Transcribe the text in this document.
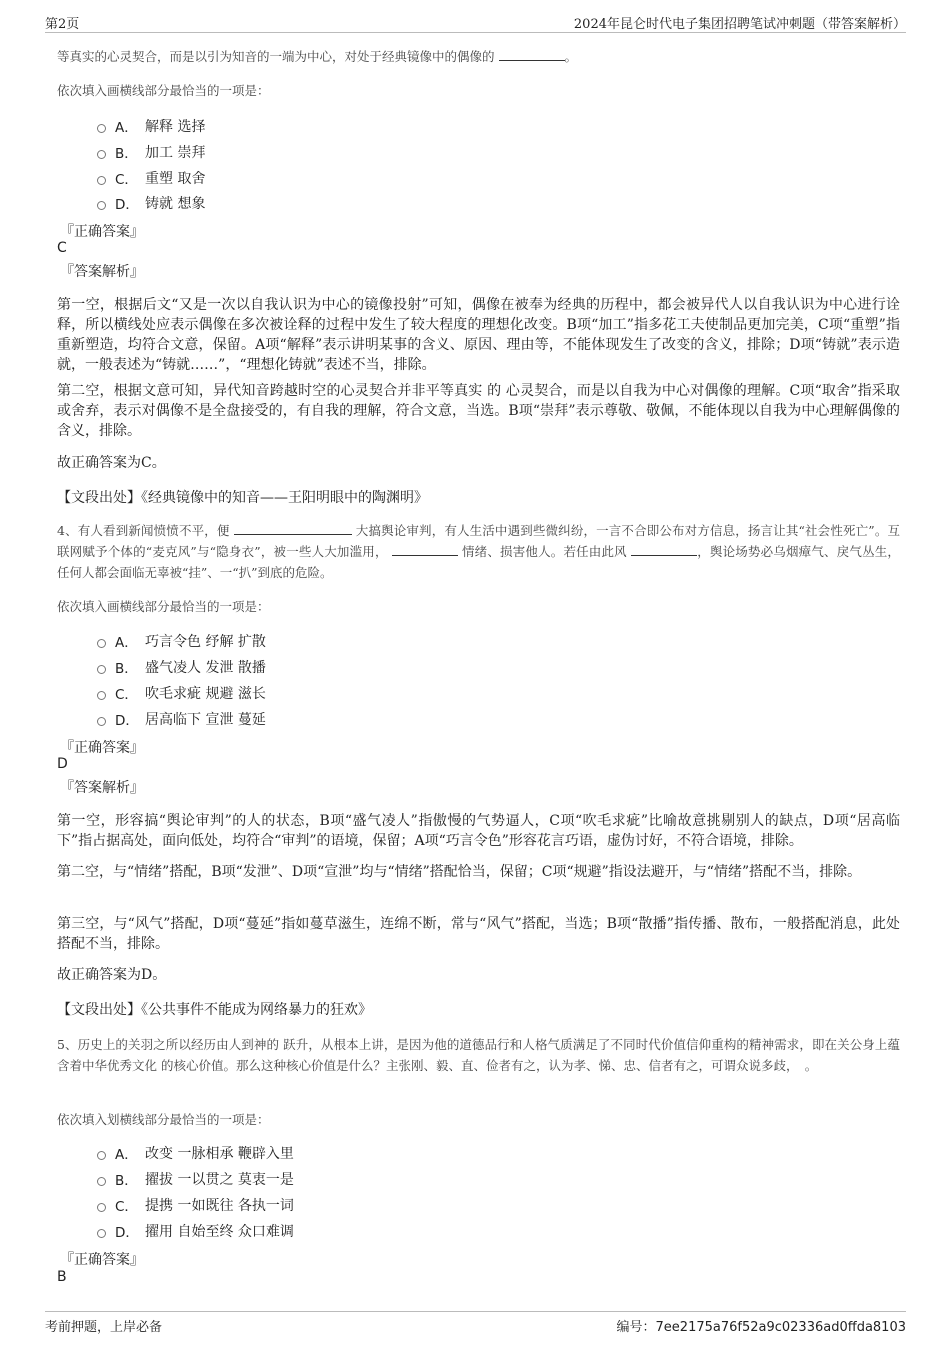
第2页	2024年昆仑时代电子集团招聘笔试冲刺题（带答案解析）
等真实的心灵契合，而是以引为知音的一端为中心，对处于经典镜像中的偶像的	。
依次填入画横线部分最恰当的一项是：
A． 解释 选择
B． 加工 崇拜
C． 重塑 取舍
D． 铸就 想象
『正确答案』
C
『答案解析』
第一空，根据后文“又是一次以自我认识为中心的镜像投射”可知，偶像在被奉为经典的历程中，都会被异代人以自我认识为中心进行诠释，所以横线处应表示偶像在多次被诠释的过程中发生了较大程度的理想化改变。B项“加工”指多花工夫使制品更加完美，C项“重塑”指重新塑造，均符合文意，保留。A项“解释”表示讲明某事的含义、原因、理由等，不能体现发生了改变的含义，排除；D项“铸就”表示造就，一般表述为“铸就……”，“理想化铸就”表述不当，排除。
第二空，根据文意可知，异代知音跨越时空的心灵契合并非平等真实 的 心灵契合，而是以自我为中心对偶像的理解。C项“取舍”指采取或舍弃，表示对偶像不是全盘接受的，有自我的理解，符合文意，当选。B项“崇拜”表示尊敬、敬佩，不能体现以自我为中心理解偶像的含义，排除。
故正确答案为C。
【文段出处】《经典镜像中的知音——王阳明眼中的陶渊明》
4、有人看到新闻愤愤不平，便	大搞舆论审判，有人生活中遇到些微纠纷，一言不合即公布对方信息，扬言让其“社会性死亡”。互联网赋予个体的“麦克风”与“隐身衣”，被一些人大加滥用，	情绪、损害他人。若任由此风	，舆论场势必乌烟瘴气、戾气丛生，任何人都会面临无辜被“挂”、一“扒”到底的危险。
依次填入画横线部分最恰当的一项是：
A． 巧言令色 纾解 扩散
B． 盛气凌人 发泄 散播
C． 吹毛求疵 规避 滋长
D． 居高临下 宣泄 蔓延
『正确答案』
D
『答案解析』
第一空，形容搞“舆论审判”的人的状态，B项“盛气凌人”指傲慢的气势逼人，C项“吹毛求疵”比喻故意挑剔别人的缺点，D项“居高临下”指占据高处，面向低处，均符合“审判”的语境，保留；A项“巧言令色”形容花言巧语，虚伪讨好，不符合语境，排除。
第二空，与“情绪”搭配，B项“发泄”、D项“宣泄”均与“情绪”搭配恰当，保留；C项“规避”指设法避开，与“情绪”搭配不当，排除。
第三空，与“风气”搭配，D项“蔓延”指如蔓草滋生，连绵不断，常与“风气”搭配，当选；B项“散播”指传播、散布，一般搭配消息，此处搭配不当，排除。
故正确答案为D。
【文段出处】《公共事件不能成为网络暴力的狂欢》
5、历史上的关羽之所以经历由人到神的 跃升，从根本上讲，是因为他的道德品行和人格气质满足了不同时代价值信仰重构的精神需求，即在关公身上蕴含着中华优秀文化 的核心价值。那么这种核心价值是什么？主张刚、毅、直、俭者有之，认为孝、悌、忠、信者有之，可谓众说多歧，　。
依次填入划横线部分最恰当的一项是：
A． 改变 一脉相承 鞭辟入里
B． 擢拔 一以贯之 莫衷一是
C． 提携 一如既往 各执一词
D． 擢用 自始至终 众口难调
『正确答案』
B
考前押题，上岸必备	编号：7ee2175a76f52a9c02336ad0ffda8103
